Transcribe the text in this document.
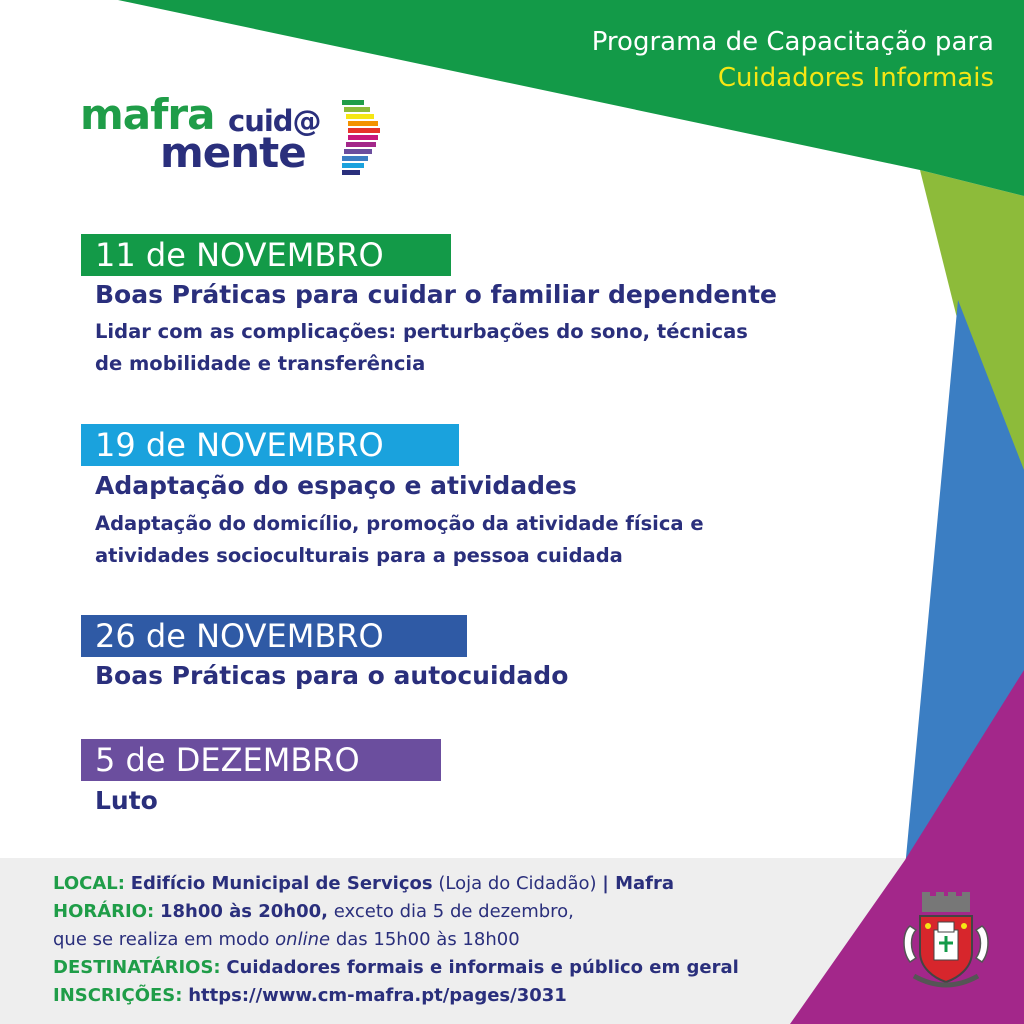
Programa de Capacitação para
Cuidadores Informais
mafra cuid@
mente
11 de NOVEMBRO
Boas Práticas para cuidar o familiar dependente
Lidar com as complicações: perturbações do sono, técnicas
de mobilidade e transferência
19 de NOVEMBRO
Adaptação do espaço e atividades
Adaptação do domicílio, promoção da atividade física e
atividades socioculturais para a pessoa cuidada
26 de NOVEMBRO
Boas Práticas para o autocuidado
5 de DEZEMBRO
Luto
LOCAL: Edifício Municipal de Serviços (Loja do Cidadão) | Mafra
HORÁRIO: 18h00 às 20h00, exceto dia 5 de dezembro,
que se realiza em modo online das 15h00 às 18h00
DESTINATÁRIOS: Cuidadores formais e informais e público em geral
INSCRIÇÕES: https://www.cm-mafra.pt/pages/3031
